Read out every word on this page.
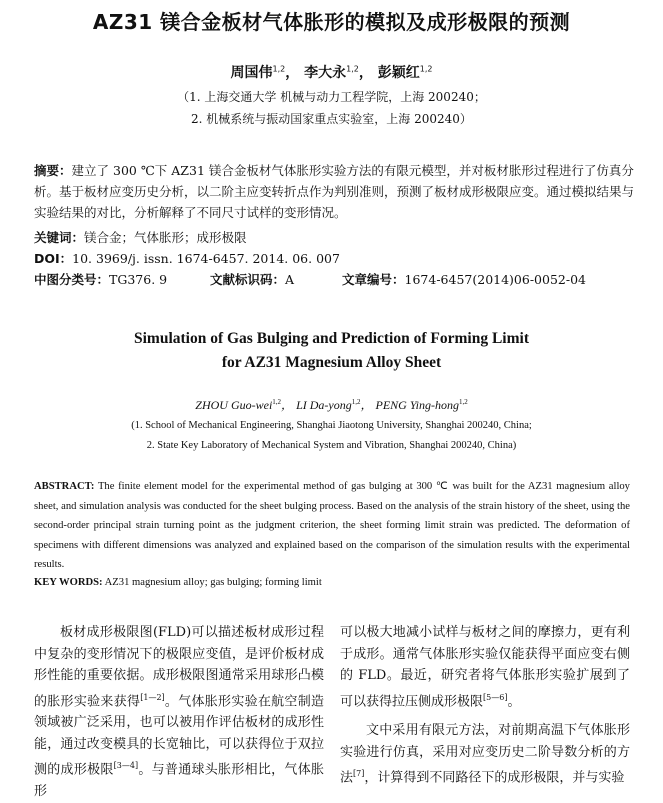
AZ31 镁合金板材气体胀形的模拟及成形极限的预测
周国伟$^{1,2}$， 李大永$^{1,2}$， 彭颖红$^{1,2}$
（1. 上海交通大学 机械与动力工程学院，上海 200240；
2. 机械系统与振动国家重点实验室，上海 200240）
摘要：建立了 300 ℃下 AZ31 镁合金板材气体胀形实验方法的有限元模型，并对板材胀形过程进行了仿真分析。基于板材应变历史分析，以二阶主应变转折点作为判别准则，预测了板材成形极限应变。通过模拟结果与实验结果的对比，分析解释了不同尺寸试样的变形情况。
关键词：镁合金；气体胀形；成形极限
DOI：10. 3969/j. issn. 1674-6457. 2014. 06. 007
中图分类号：TG376. 9	文献标识码：A	文章编号：1674-6457(2014)06-0052-04
Simulation of Gas Bulging and Prediction of Forming Limit
for AZ31 Magnesium Alloy Sheet
ZHOU Guo-wei$^{1,2}$， LI Da-yong$^{1,2}$， PENG Ying-hong$^{1,2}$
(1. School of Mechanical Engineering, Shanghai Jiaotong University, Shanghai 200240, China;
2. State Key Laboratory of Mechanical System and Vibration, Shanghai 200240, China)
ABSTRACT: The finite element model for the experimental method of gas bulging at 300 ℃ was built for the AZ31 magnesium alloy sheet, and simulation analysis was conducted for the sheet bulging process. Based on the analysis of the strain history of the sheet, using the second-order principal strain turning point as the judgment criterion, the sheet forming limit strain was predicted. The deformation of specimens with different dimensions was analyzed and explained based on the comparison of the simulation results with the experimental results.
KEY WORDS: AZ31 magnesium alloy; gas bulging; forming limit

板材成形极限图(FLD)可以描述板材成形过程中复杂的变形情况下的极限应变值，是评价板材成形性能的重要依据。成形极限图通常采用球形凸模的胀形实验来获得[1—2]。气体胀形实验在航空制造领域被广泛采用，也可以被用作评估板材的成形性能，通过改变模具的长宽轴比，可以获得位于双拉测的成形极限[3—4]。与普通球头胀形相比，气体胀形

可以极大地减小试样与板材之间的摩擦力，更有利于成形。通常气体胀形实验仅能获得平面应变右侧的 FLD。最近，研究者将气体胀形实验扩展到了可以获得拉压侧成形极限[5—6]。

文中采用有限元方法，对前期高温下气体胀形实验进行仿真，采用对应变历史二阶导数分析的方法[7]，计算得到不同路径下的成形极限，并与实验
